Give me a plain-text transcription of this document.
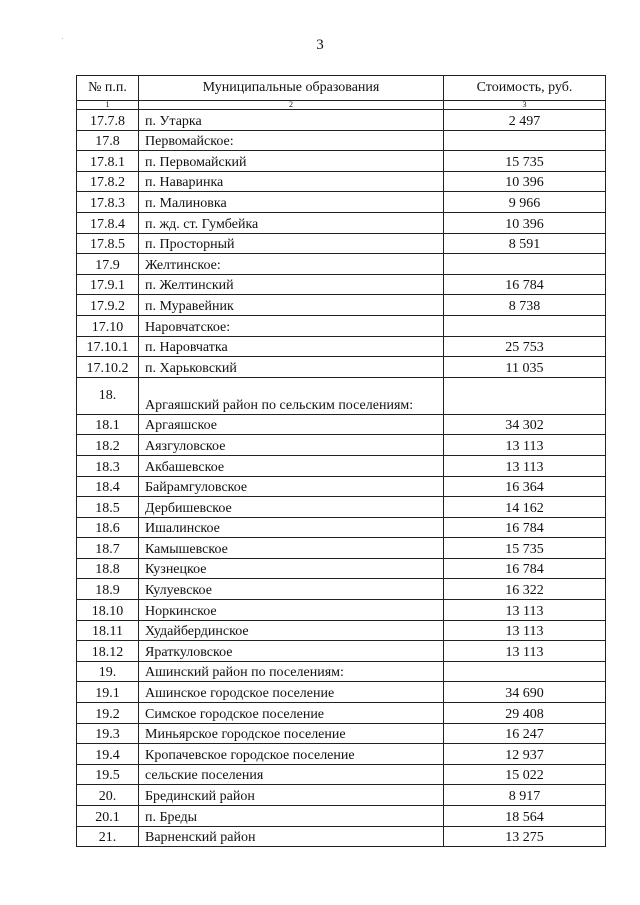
.	3
№ п.п.	Муниципальные образования	Стоимость, руб.
1	2	3
17.7.8	п. Утарка	2 497
17.8	Первомайское:	
17.8.1	п. Первомайский	15 735
17.8.2	п. Наваринка	10 396
17.8.3	п. Малиновка	9 966
17.8.4	п. жд. ст. Гумбейка	10 396
17.8.5	п. Просторный	8 591
17.9	Желтинское:	
17.9.1	п. Желтинский	16 784
17.9.2	п. Муравейник	8 738
17.10	Наровчатское:	
17.10.1	п. Наровчатка	25 753
17.10.2	п. Харьковский	11 035
18.	Аргаяшский район по сельским поселениям:	
18.1	Аргаяшское	34 302
18.2	Аязгуловское	13 113
18.3	Акбашевское	13 113
18.4	Байрамгуловское	16 364
18.5	Дербишевское	14 162
18.6	Ишалинское	16 784
18.7	Камышевское	15 735
18.8	Кузнецкое	16 784
18.9	Кулуевское	16 322
18.10	Норкинское	13 113
18.11	Худайбердинское	13 113
18.12	Яраткуловское	13 113
19.	Ашинский район по поселениям:	
19.1	Ашинское городское поселение	34 690
19.2	Симское городское поселение	29 408
19.3	Миньярское городское поселение	16 247
19.4	Кропачевское городское поселение	12 937
19.5	сельские поселения	15 022
20.	Брединский район	8 917
20.1	п. Бреды	18 564
21.	Варненский район	13 275
